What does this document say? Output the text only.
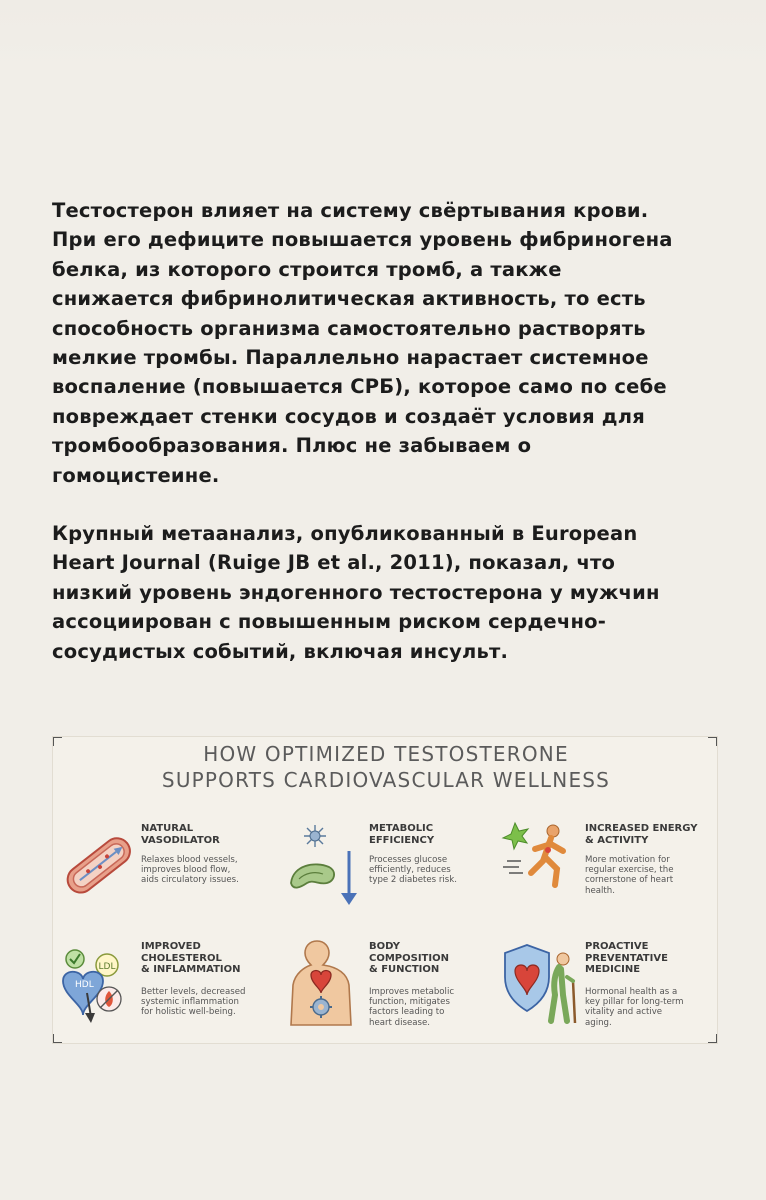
Тестостерон влияет на систему свёртывания крови.
При его дефиците повышается уровень фибриногена
белка, из которого строится тромб, а также
снижается фибринолитическая активность, то есть
способность организма самостоятельно растворять
мелкие тромбы. Параллельно нарастает системное
воспаление (повышается СРБ), которое само по себе
повреждает стенки сосудов и создаёт условия для
тромбообразования. Плюс не забываем о
гомоцистеине.

Крупный метаанализ, опубликованный в European
Heart Journal (Ruige JB et al., 2011), показал, что
низкий уровень эндогенного тестостерона у мужчин
ассоциирован с повышенным риском сердечно-
сосудистых событий, включая инсульт.

HOW OPTIMIZED TESTOSTERONE
SUPPORTS CARDIOVASCULAR WELLNESS
NATURAL
VASODILATOR
Relaxes blood vessels,
improves blood flow,
aids circulatory issues.
METABOLIC
EFFICIENCY
Processes glucose
efficiently, reduces
type 2 diabetes risk.
INCREASED ENERGY
& ACTIVITY
More motivation for
regular exercise, the
cornerstone of heart
health.
LDL
HDL
IMPROVED
CHOLESTEROL
& INFLAMMATION
Better levels, decreased
systemic inflammation
for holistic well-being.
BODY
COMPOSITION
& FUNCTION
Improves metabolic
function, mitigates
factors leading to
heart disease.
PROACTIVE
PREVENTATIVE
MEDICINE
Hormonal health as a
key pillar for long-term
vitality and active
aging.
